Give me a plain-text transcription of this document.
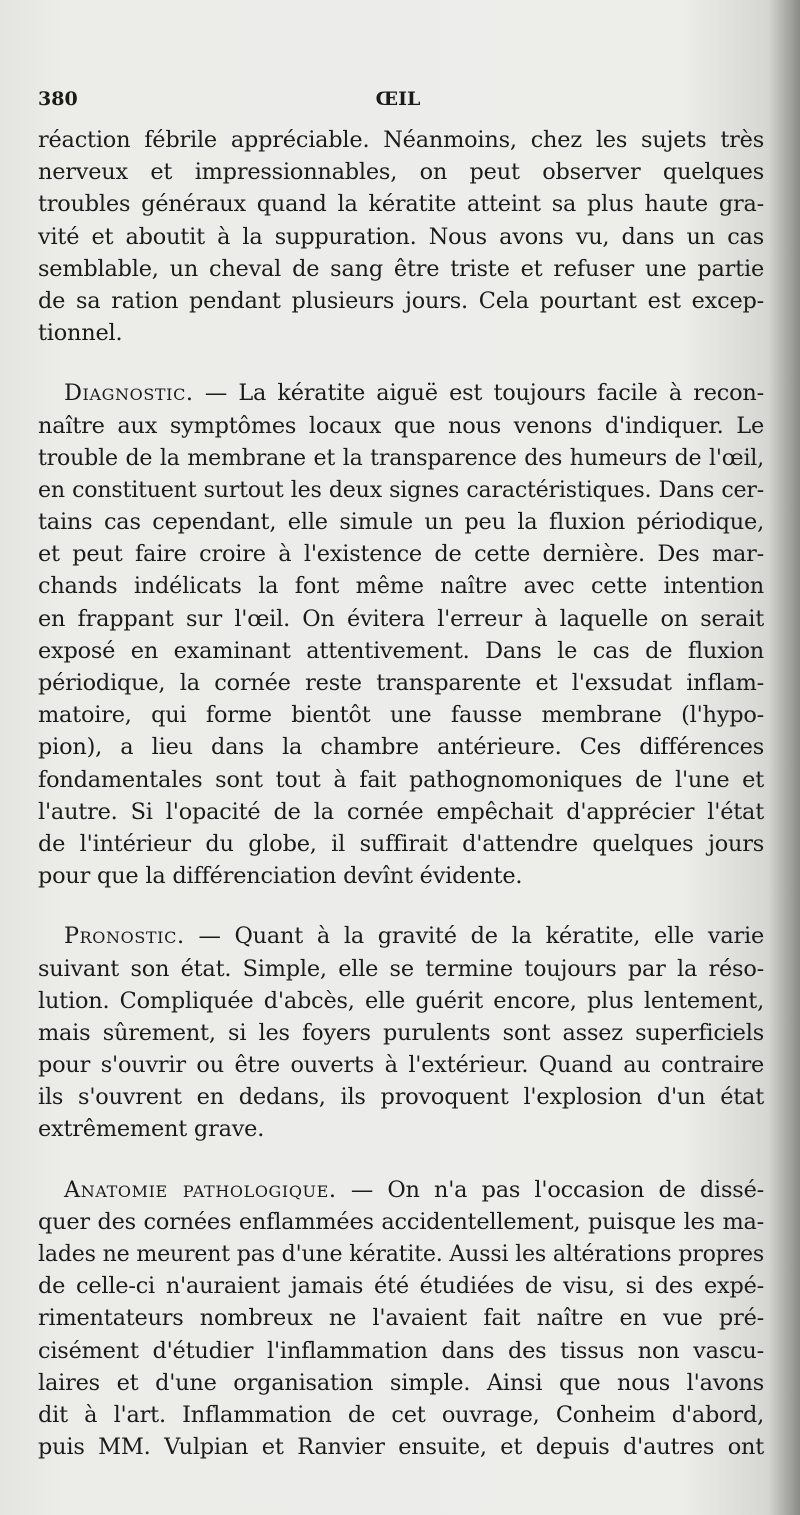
380	ŒIL
réaction fébrile appréciable. Néanmoins, chez les sujets très
nerveux et impressionnables, on peut observer quelques
troubles généraux quand la kératite atteint sa plus haute gra-
vité et aboutit à la suppuration. Nous avons vu, dans un cas
semblable, un cheval de sang être triste et refuser une partie
de sa ration pendant plusieurs jours. Cela pourtant est excep-
tionnel.
Diagnostic. — La kératite aiguë est toujours facile à recon-
naître aux symptômes locaux que nous venons d'indiquer. Le
trouble de la membrane et la transparence des humeurs de l'œil,
en constituent surtout les deux signes caractéristiques. Dans cer-
tains cas cependant, elle simule un peu la fluxion périodique,
et peut faire croire à l'existence de cette dernière. Des mar-
chands indélicats la font même naître avec cette intention
en frappant sur l'œil. On évitera l'erreur à laquelle on serait
exposé en examinant attentivement. Dans le cas de fluxion
périodique, la cornée reste transparente et l'exsudat inflam-
matoire, qui forme bientôt une fausse membrane (l'hypo-
pion), a lieu dans la chambre antérieure. Ces différences
fondamentales sont tout à fait pathognomoniques de l'une et
l'autre. Si l'opacité de la cornée empêchait d'apprécier l'état
de l'intérieur du globe, il suffirait d'attendre quelques jours
pour que la différenciation devînt évidente.
Pronostic. — Quant à la gravité de la kératite, elle varie
suivant son état. Simple, elle se termine toujours par la réso-
lution. Compliquée d'abcès, elle guérit encore, plus lentement,
mais sûrement, si les foyers purulents sont assez superficiels
pour s'ouvrir ou être ouverts à l'extérieur. Quand au contraire
ils s'ouvrent en dedans, ils provoquent l'explosion d'un état
extrêmement grave.
Anatomie pathologique. — On n'a pas l'occasion de dissé-
quer des cornées enflammées accidentellement, puisque les ma-
lades ne meurent pas d'une kératite. Aussi les altérations propres
de celle-ci n'auraient jamais été étudiées de visu, si des expé-
rimentateurs nombreux ne l'avaient fait naître en vue pré-
cisément d'étudier l'inflammation dans des tissus non vascu-
laires et d'une organisation simple. Ainsi que nous l'avons
dit à l'art. Inflammation de cet ouvrage, Conheim d'abord,
puis MM. Vulpian et Ranvier ensuite, et depuis d'autres ont
